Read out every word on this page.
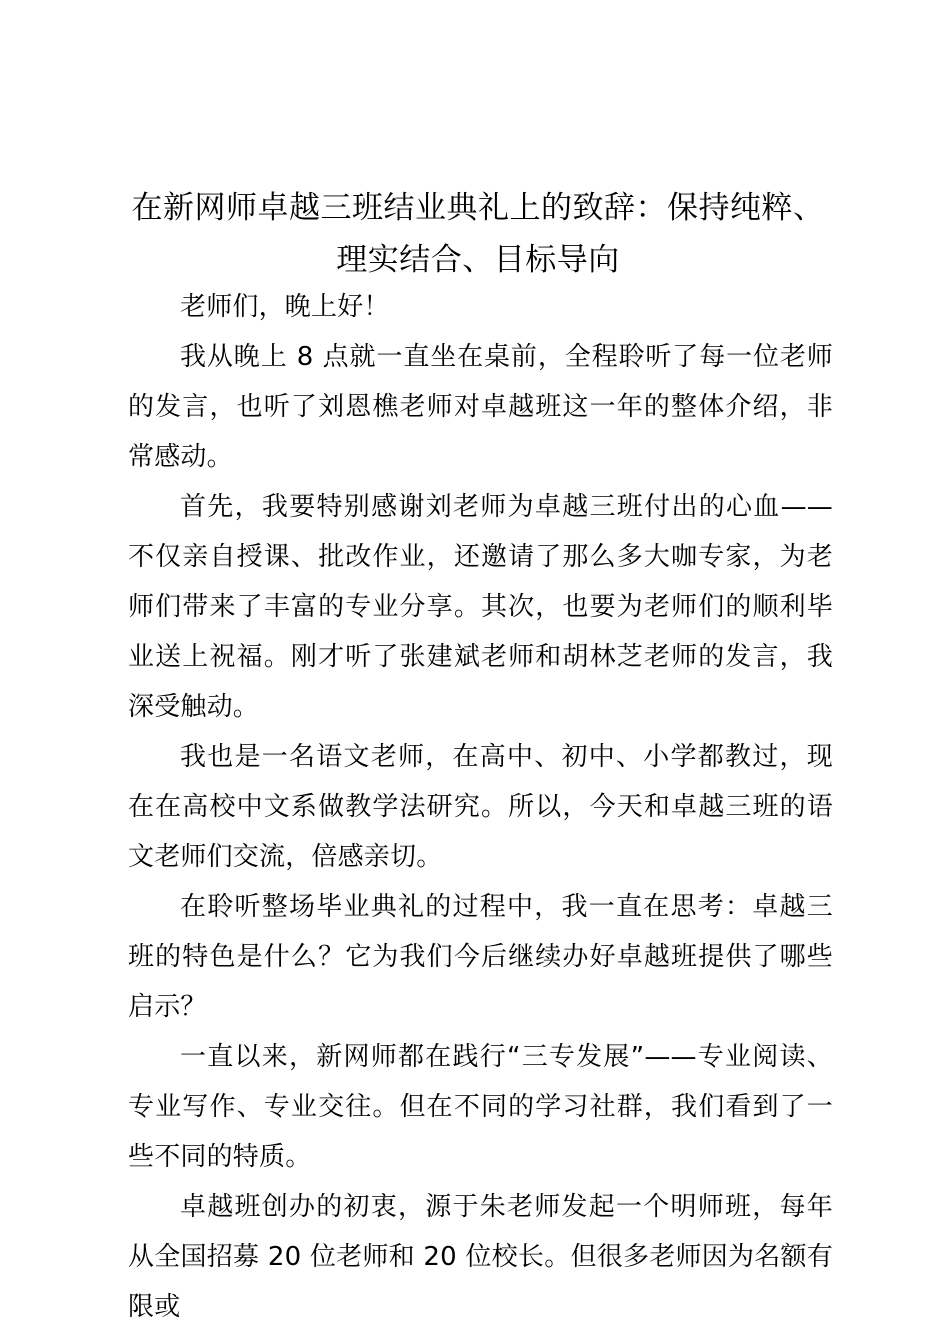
在新网师卓越三班结业典礼上的致辞：保持纯粹、理实结合、目标导向

老师们，晚上好！

我从晚上 8 点就一直坐在桌前，全程聆听了每一位老师的发言，也听了刘恩樵老师对卓越班这一年的整体介绍，非常感动。

首先，我要特别感谢刘老师为卓越三班付出的心血——不仅亲自授课、批改作业，还邀请了那么多大咖专家，为老师们带来了丰富的专业分享。其次，也要为老师们的顺利毕业送上祝福。刚才听了张建斌老师和胡林芝老师的发言，我深受触动。

我也是一名语文老师，在高中、初中、小学都教过，现在在高校中文系做教学法研究。所以，今天和卓越三班的语文老师们交流，倍感亲切。

在聆听整场毕业典礼的过程中，我一直在思考：卓越三班的特色是什么？它为我们今后继续办好卓越班提供了哪些启示？

一直以来，新网师都在践行“三专发展”——专业阅读、专业写作、专业交往。但在不同的学习社群，我们看到了一些不同的特质。

卓越班创办的初衷，源于朱老师发起一个明师班，每年从全国招募 20 位老师和 20 位校长。但很多老师因为名额有限或
